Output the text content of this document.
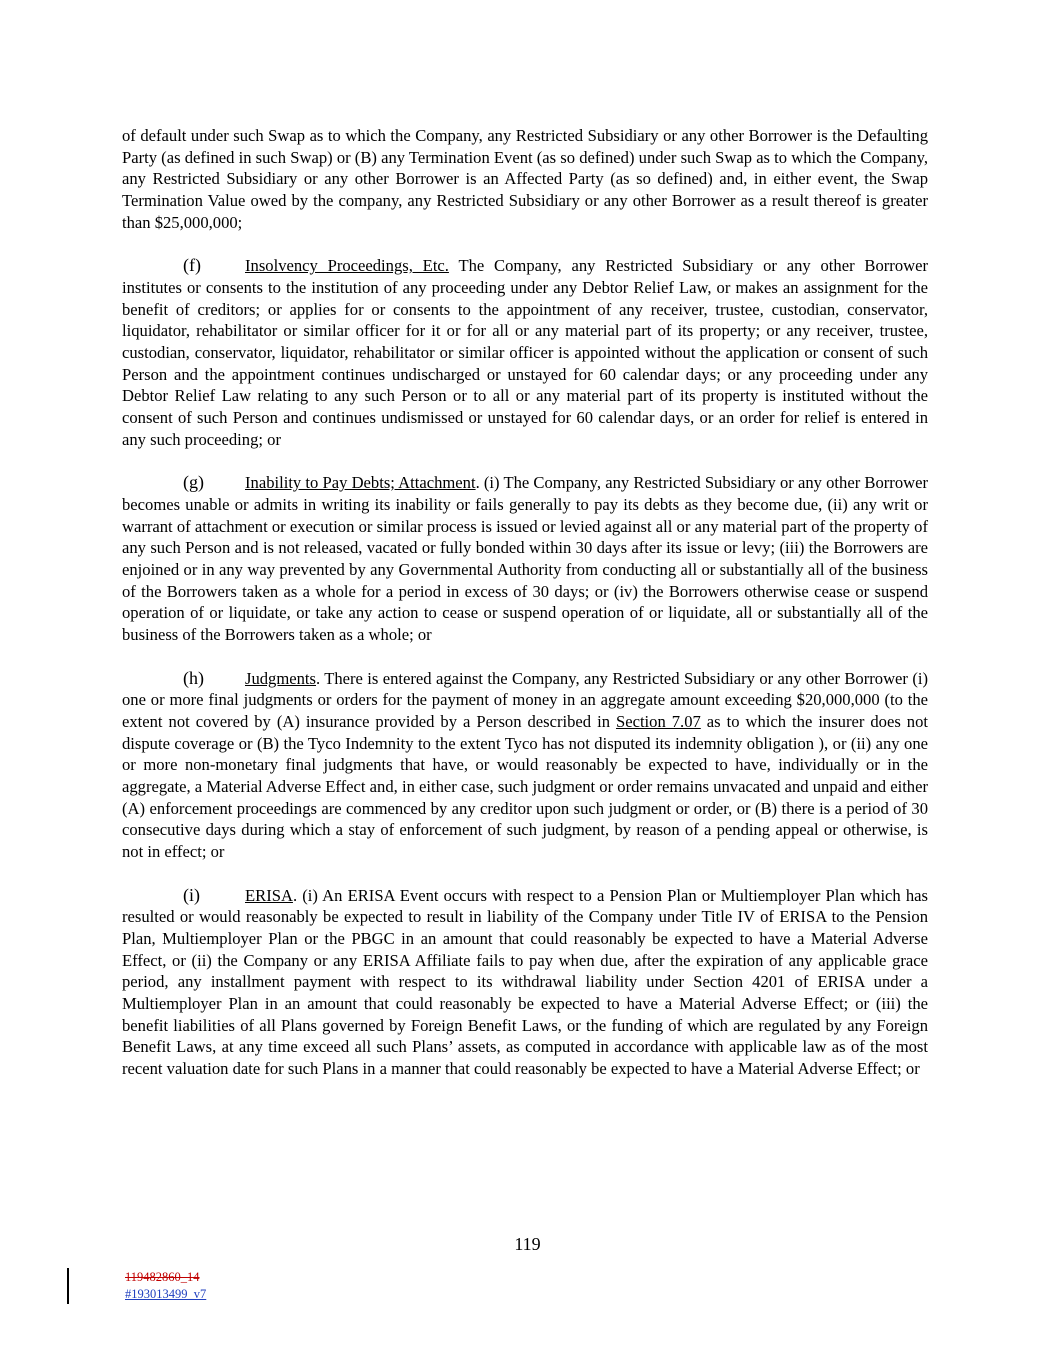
of default under such Swap as to which the Company, any Restricted Subsidiary or any other Borrower is the Defaulting Party (as defined in such Swap) or (B) any Termination Event (as so defined) under such Swap as to which the Company, any Restricted Subsidiary or any other Borrower is an Affected Party (as so defined) and, in either event, the Swap Termination Value owed by the company, any Restricted Subsidiary or any other Borrower as a result thereof is greater than $25,000,000;

(f)	Insolvency Proceedings, Etc. The Company, any Restricted Subsidiary or any other Borrower institutes or consents to the institution of any proceeding under any Debtor Relief Law, or makes an assignment for the benefit of creditors; or applies for or consents to the appointment of any receiver, trustee, custodian, conservator, liquidator, rehabilitator or similar officer for it or for all or any material part of its property; or any receiver, trustee, custodian, conservator, liquidator, rehabilitator or similar officer is appointed without the application or consent of such Person and the appointment continues undischarged or unstayed for 60 calendar days; or any proceeding under any Debtor Relief Law relating to any such Person or to all or any material part of its property is instituted without the consent of such Person and continues undismissed or unstayed for 60 calendar days, or an order for relief is entered in any such proceeding; or

(g) Inability to Pay Debts; Attachment. (i) The Company, any Restricted Subsidiary or any other Borrower becomes unable or admits in writing its inability or fails generally to pay its debts as they become due, (ii) any writ or warrant of attachment or execution or similar process is issued or levied against all or any material part of the property of any such Person and is not released, vacated or fully bonded within 30 days after its issue or levy; (iii) the Borrowers are enjoined or in any way prevented by any Governmental Authority from conducting all or substantially all of the business of the Borrowers taken as a whole for a period in excess of 30 days; or (iv) the Borrowers otherwise cease or suspend operation of or liquidate, or take any action to cease or suspend operation of or liquidate, all or substantially all of the business of the Borrowers taken as a whole; or

(h) Judgments. There is entered against the Company, any Restricted Subsidiary or any other Borrower (i) one or more final judgments or orders for the payment of money in an aggregate amount exceeding $20,000,000 (to the extent not covered by (A) insurance provided by a Person described in Section 7.07 as to which the insurer does not dispute coverage or (B) the Tyco Indemnity to the extent Tyco has not disputed its indemnity obligation ), or (ii) any one or more non-monetary final judgments that have, or would reasonably be expected to have, individually or in the aggregate, a Material Adverse Effect and, in either case, such judgment or order remains unvacated and unpaid and either (A) enforcement proceedings are commenced by any creditor upon such judgment or order, or (B) there is a period of 30 consecutive days during which a stay of enforcement of such judgment, by reason of a pending appeal or otherwise, is not in effect; or

(i)	ERISA. (i) An ERISA Event occurs with respect to a Pension Plan or Multiemployer Plan which has resulted or would reasonably be expected to result in liability of the Company under Title IV of ERISA to the Pension Plan, Multiemployer Plan or the PBGC in an amount that could reasonably be expected to have a Material Adverse Effect, or (ii) the Company or any ERISA Affiliate fails to pay when due, after the expiration of any applicable grace period, any installment payment with respect to its withdrawal liability under Section 4201 of ERISA under a Multiemployer Plan in an amount that could reasonably be expected to have a Material Adverse Effect; or (iii) the benefit liabilities of all Plans governed by Foreign Benefit Laws, or the funding of which are regulated by any Foreign Benefit Laws, at any time exceed all such Plans’ assets, as computed in accordance with applicable law as of the most recent valuation date for such Plans in a manner that could reasonably be expected to have a Material Adverse Effect; or

119
119482860_14
#193013499_v7
